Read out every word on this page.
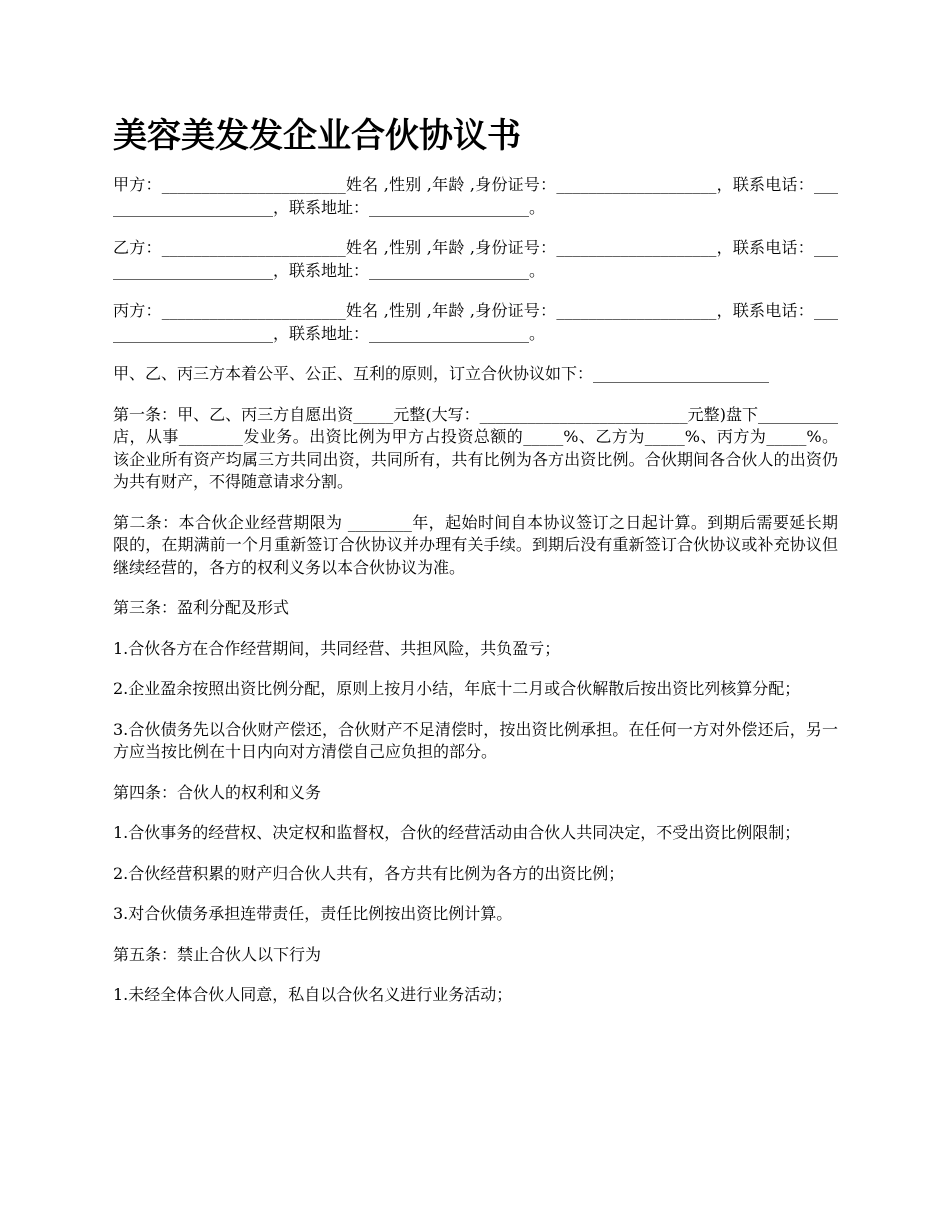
美容美发发企业合伙协议书

甲方：_______________________姓名 ,性别 ,年龄 ,身份证号：____________________，联系电话：_______________________，联系地址：____________________。

乙方：_______________________姓名 ,性别 ,年龄 ,身份证号：____________________，联系电话：_______________________，联系地址：____________________。

丙方：_______________________姓名 ,性别 ,年龄 ,身份证号：____________________，联系电话：_______________________，联系地址：____________________。

甲、乙、丙三方本着公平、公正、互利的原则，订立合伙协议如下：______________________

第一条：甲、乙、丙三方自愿出资_____元整(大写：__________________________元整)盘下__________店，从事________发业务。出资比例为甲方占投资总额的_____%、乙方为_____%、丙方为_____%。该企业所有资产均属三方共同出资，共同所有，共有比例为各方出资比例。合伙期间各合伙人的出资仍为共有财产，不得随意请求分割。

第二条：本合伙企业经营期限为 ________年，起始时间自本协议签订之日起计算。到期后需要延长期限的，在期满前一个月重新签订合伙协议并办理有关手续。到期后没有重新签订合伙协议或补充协议但继续经营的，各方的权利义务以本合伙协议为准。

第三条：盈利分配及形式

1.合伙各方在合作经营期间，共同经营、共担风险，共负盈亏；

2.企业盈余按照出资比例分配，原则上按月小结，年底十二月或合伙解散后按出资比列核算分配；

3.合伙债务先以合伙财产偿还，合伙财产不足清偿时，按出资比例承担。在任何一方对外偿还后，另一方应当按比例在十日内向对方清偿自己应负担的部分。

第四条：合伙人的权利和义务

1.合伙事务的经营权、决定权和监督权，合伙的经营活动由合伙人共同决定，不受出资比例限制；

2.合伙经营积累的财产归合伙人共有，各方共有比例为各方的出资比例；

3.对合伙债务承担连带责任，责任比例按出资比例计算。

第五条：禁止合伙人以下行为

1.未经全体合伙人同意，私自以合伙名义进行业务活动；
